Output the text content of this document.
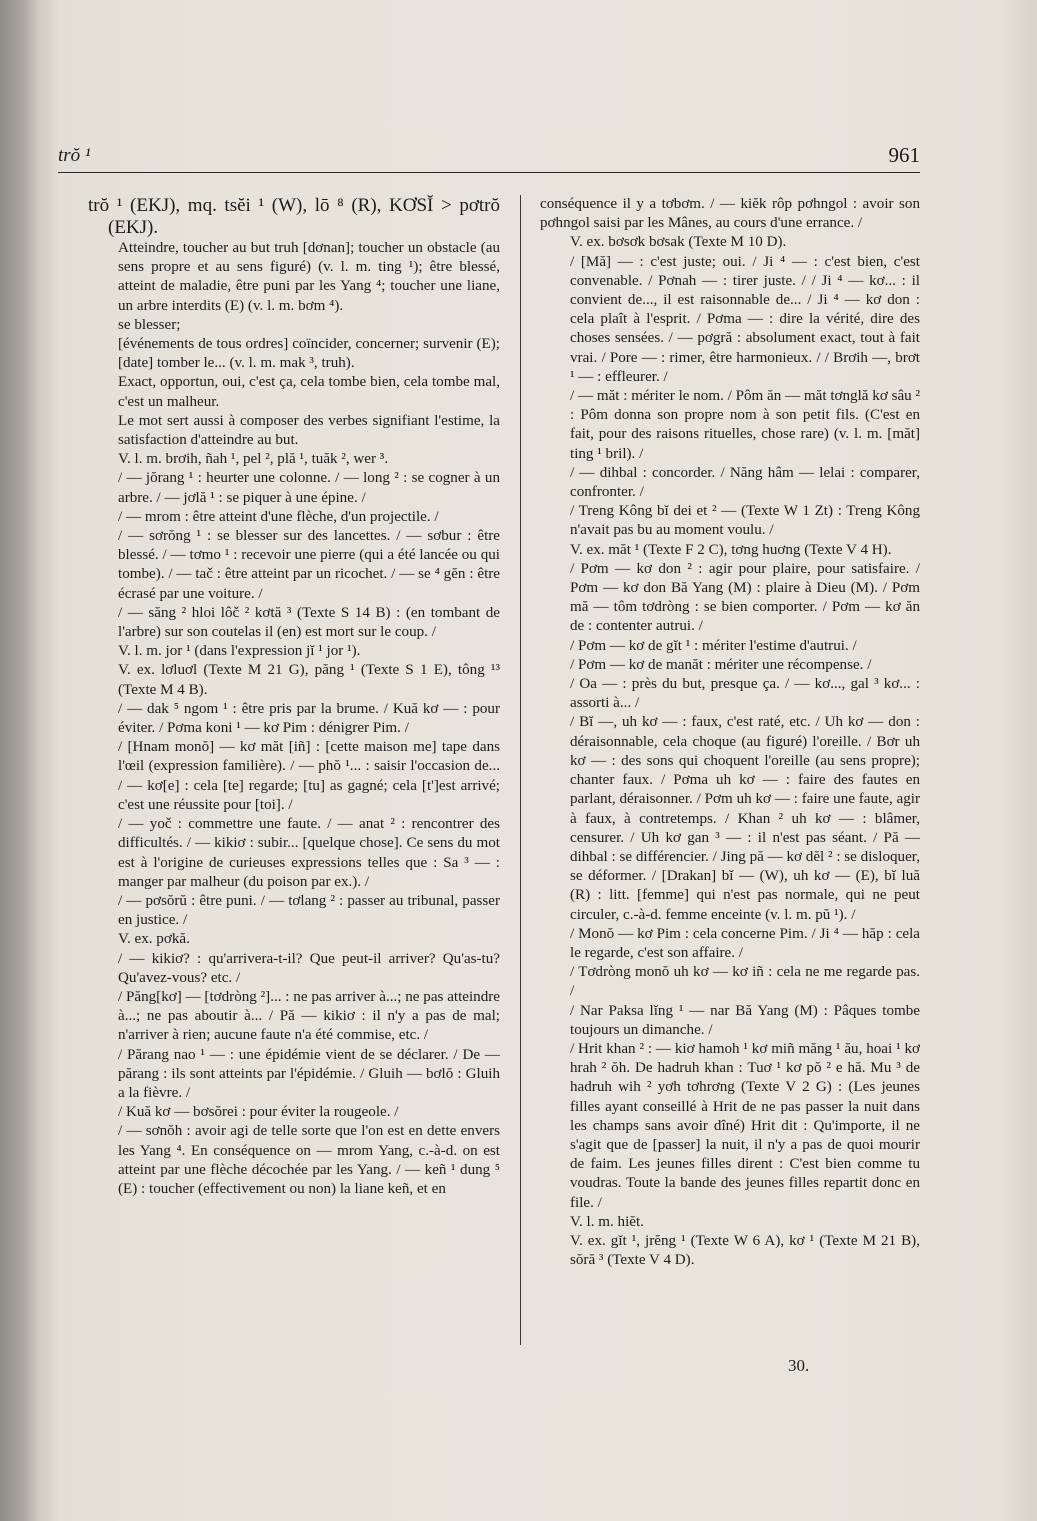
trŏ ¹	961

trŏ ¹ (EKJ), mq. tsĕi ¹ (W), lō ⁸ (R), KƠSĬ > pơtrŏ (EKJ).

Atteindre, toucher au but truh [dơnan]; toucher un obstacle (au sens propre et au sens figuré) (v. l. m. ting ¹); être blessé, atteint de maladie, être puni par les Yang ⁴; toucher une liane, un arbre interdits (E) (v. l. m. bơm ⁴).

se blesser;

[événements de tous ordres] coïncider, concerner; survenir (E); [date] tomber le... (v. l. m. mak ³, truh).

Exact, opportun, oui, c'est ça, cela tombe bien, cela tombe mal, c'est un malheur.

Le mot sert aussi à composer des verbes signifiant l'estime, la satisfaction d'atteindre au but.

V. l. m. brơih, ñah ¹, pel ², plă ¹, tuăk ², wer ³.

/ — jŏrang ¹ : heurter une colonne. / — long ² : se cogner à un arbre. / — jơlă ¹ : se piquer à une épine. /

/ — mrom : être atteint d'une flèche, d'un projectile. /

/ — sơrŏng ¹ : se blesser sur des lancettes. / — sơbur : être blessé. / — tơmo ¹ : recevoir une pierre (qui a été lancée ou qui tombe). / — tač : être atteint par un ricochet. / — se ⁴ gĕn : être écrasé par une voiture. /

/ — săng ² hloi lôč ² kơtă ³ (Texte S 14 B) : (en tombant de l'arbre) sur son coutelas il (en) est mort sur le coup. /

V. l. m. jor ¹ (dans l'expression jĭ ¹ jor ¹).

V. ex. lơluơl (Texte M 21 G), păng ¹ (Texte S 1 E), tông ¹³ (Texte M 4 B).

/ — dak ⁵ ngom ¹ : être pris par la brume. / Kuă kơ — : pour éviter. / Pơma koni ¹ — kơ Pim : dénigrer Pim. /

/ [Hnam monŏ] — kơ măt [iñ] : [cette maison me] tape dans l'œil (expression familière). / — phŏ ¹... : saisir l'occasion de... / — kơ[e] : cela [te] regarde; [tu] as gagné; cela [t']est arrivé; c'est une réussite pour [toi]. /

/ — yoč : commettre une faute. / — anat ² : rencontrer des difficultés. / — kikiơ : subir... [quelque chose]. Ce sens du mot est à l'origine de curieuses expressions telles que : Sa ³ — : manger par malheur (du poison par ex.). /

/ — pơsŏrŭ : être puni. / — tơlang ² : passer au tribunal, passer en justice. /

V. ex. pơkă.

/ — kikiơ? : qu'arrivera-t-il? Que peut-il arriver? Qu'as-tu? Qu'avez-vous? etc. /

/ Păng[kơ] — [tơdròng ²]... : ne pas arriver à...; ne pas atteindre à...; ne pas aboutir à... / Pă — kikiơ : il n'y a pas de mal; n'arriver à rien; aucune faute n'a été commise, etc. /

/ Părang nao ¹ — : une épidémie vient de se déclarer. / De — părang : ils sont atteints par l'épidémie. / Gluih — bơlŏ : Gluih a la fièvre. /

/ Kuă kơ — bơsŏrei : pour éviter la rougeole. /

/ — sơnŏh : avoir agi de telle sorte que l'on est en dette envers les Yang ⁴. En conséquence on — mrom Yang, c.-à-d. on est atteint par une flèche décochée par les Yang. / — keñ ¹ dung ⁵ (E) : toucher (effectivement ou non) la liane keñ, et en

conséquence il y a tơbơm. / — kiĕk rôp pơhngol : avoir son pơhngol saisi par les Mânes, au cours d'une errance. /

V. ex. bơsơk bơsak (Texte M 10 D).

/ [Mă] — : c'est juste; oui. / Ji ⁴ — : c'est bien, c'est convenable. / Pơnah — : tirer juste. / / Ji ⁴ — kơ... : il convient de..., il est raisonnable de... / Ji ⁴ — kơ don : cela plaît à l'esprit. / Pơma — : dire la vérité, dire des choses sensées. / — pơgră : absolument exact, tout à fait vrai. / Pore — : rimer, être harmonieux. / / Brơih —, brơt ¹ — : effleurer. /

/ — măt : mériter le nom. / Pôm ăn — măt tơnglă kơ sâu ² : Pôm donna son propre nom à son petit fils. (C'est en fait, pour des raisons rituelles, chose rare) (v. l. m. [măt] ting ¹ bril). /

/ — dihbal : concorder. / Năng hâm — lelai : comparer, confronter. /

/ Treng Kông bĭ dei et ² — (Texte W 1 Zt) : Treng Kông n'avait pas bu au moment voulu. /

V. ex. măt ¹ (Texte F 2 C), tơng huơng (Texte V 4 H).

/ Pơm — kơ don ² : agir pour plaire, pour satisfaire. / Pơm — kơ don Bă Yang (M) : plaire à Dieu (M). / Pơm mă — tôm tơdròng : se bien comporter. / Pơm — kơ ăn de : contenter autrui. /

/ Pơm — kơ de gĭt ¹ : mériter l'estime d'autrui. /

/ Pơm — kơ de manăt : mériter une récompense. /

/ Oa — : près du but, presque ça. / — kơ..., gal ³ kơ... : assorti à... /

/ Bĭ —, uh kơ — : faux, c'est raté, etc. / Uh kơ — don : déraisonnable, cela choque (au figuré) l'oreille. / Bơr uh kơ — : des sons qui choquent l'oreille (au sens propre); chanter faux. / Pơma uh kơ — : faire des fautes en parlant, déraisonner. / Pơm uh kơ — : faire une faute, agir à faux, à contretemps. / Khan ² uh kơ — : blâmer, censurer. / Uh kơ gan ³ — : il n'est pas séant. / Pă — dihbal : se différencier. / Jing pă — kơ dĕl ² : se disloquer, se déformer. / [Drakan] bĭ — (W), uh kơ — (E), bĭ luă (R) : litt. [femme] qui n'est pas normale, qui ne peut circuler, c.-à-d. femme enceinte (v. l. m. pŭ ¹). /

/ Monŏ — kơ Pim : cela concerne Pim. / Ji ⁴ — hăp : cela le regarde, c'est son affaire. /

/ Tơdròng monŏ uh kơ — kơ iñ : cela ne me regarde pas. /

/ Nar Paksa lĭng ¹ — nar Bă Yang (M) : Pâques tombe toujours un dimanche. /

/ Hrit khan ² : — kiơ hamoh ¹ kơ miñ măng ¹ ău, hoai ¹ kơ hrah ² ŏh. De hadruh khan : Tuơ ¹ kơ pŏ ² e hă. Mu ³ de hadruh wih ² yơh tơhrơng (Texte V 2 G) : (Les jeunes filles ayant conseillé à Hrit de ne pas passer la nuit dans les champs sans avoir dîné) Hrit dit : Qu'importe, il ne s'agit que de [passer] la nuit, il n'y a pas de quoi mourir de faim. Les jeunes filles dirent : C'est bien comme tu voudras. Toute la bande des jeunes filles repartit donc en file. /

V. l. m. hiĕt.

V. ex. gĭt ¹, jrĕng ¹ (Texte W 6 A), kơ ¹ (Texte M 21 B), sŏră ³ (Texte V 4 D).

30.
